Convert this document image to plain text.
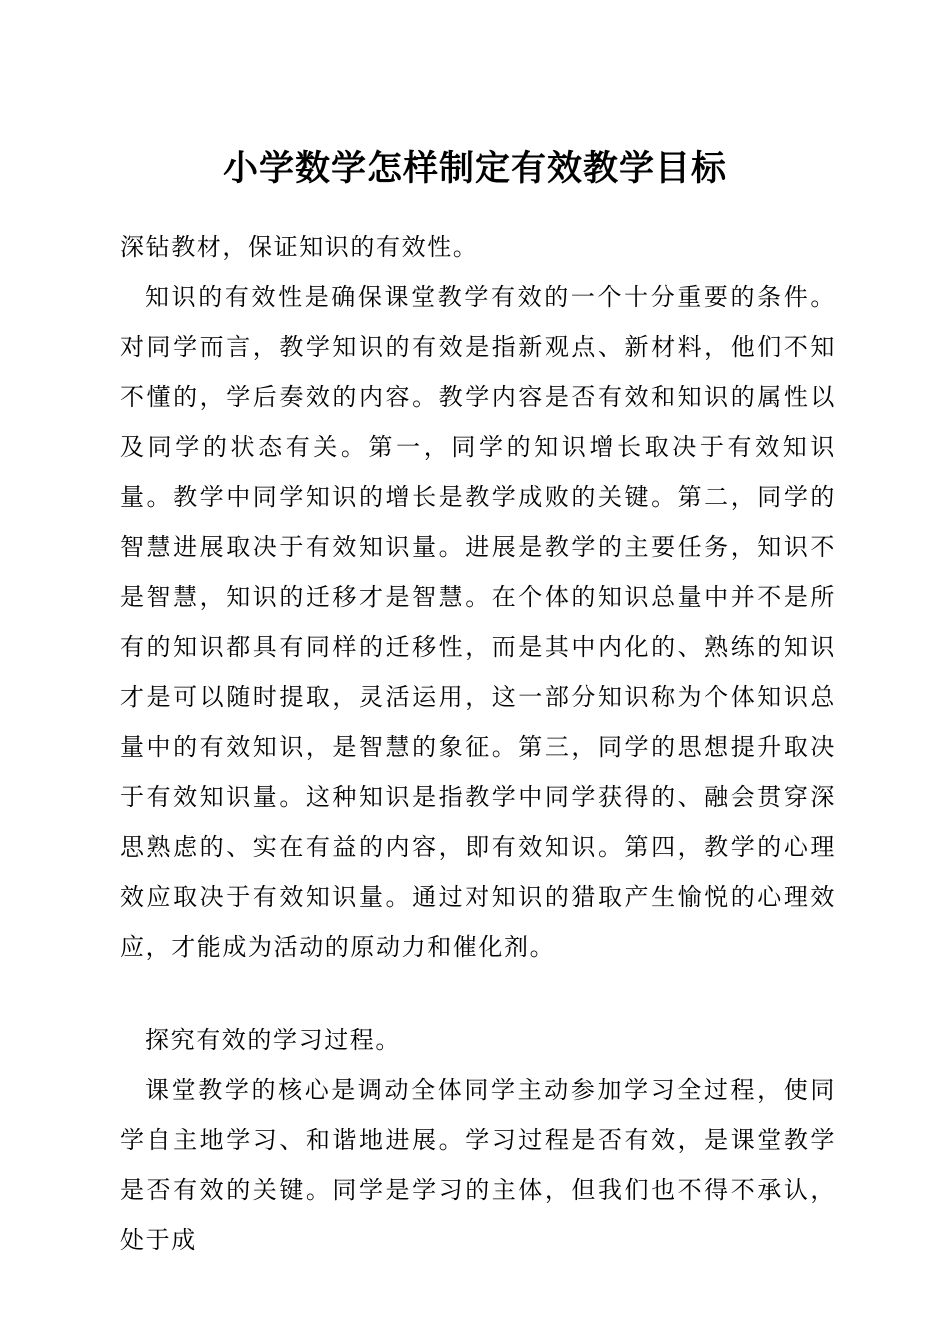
小学数学怎样制定有效教学目标

深钻教材，保证知识的有效性。

知识的有效性是确保课堂教学有效的一个十分重要的条件。对同学而言，教学知识的有效是指新观点、新材料，他们不知不懂的，学后奏效的内容。教学内容是否有效和知识的属性以及同学的状态有关。第一，同学的知识增长取决于有效知识量。教学中同学知识的增长是教学成败的关键。第二，同学的智慧进展取决于有效知识量。进展是教学的主要任务，知识不是智慧，知识的迁移才是智慧。在个体的知识总量中并不是所有的知识都具有同样的迁移性，而是其中内化的、熟练的知识才是可以随时提取，灵活运用，这一部分知识称为个体知识总量中的有效知识，是智慧的象征。第三，同学的思想提升取决于有效知识量。这种知识是指教学中同学获得的、融会贯穿深思熟虑的、实在有益的内容，即有效知识。第四，教学的心理效应取决于有效知识量。通过对知识的猎取产生愉悦的心理效应，才能成为活动的原动力和催化剂。

探究有效的学习过程。

课堂教学的核心是调动全体同学主动参加学习全过程，使同学自主地学习、和谐地进展。学习过程是否有效，是课堂教学是否有效的关键。同学是学习的主体，但我们也不得不承认，处于成
